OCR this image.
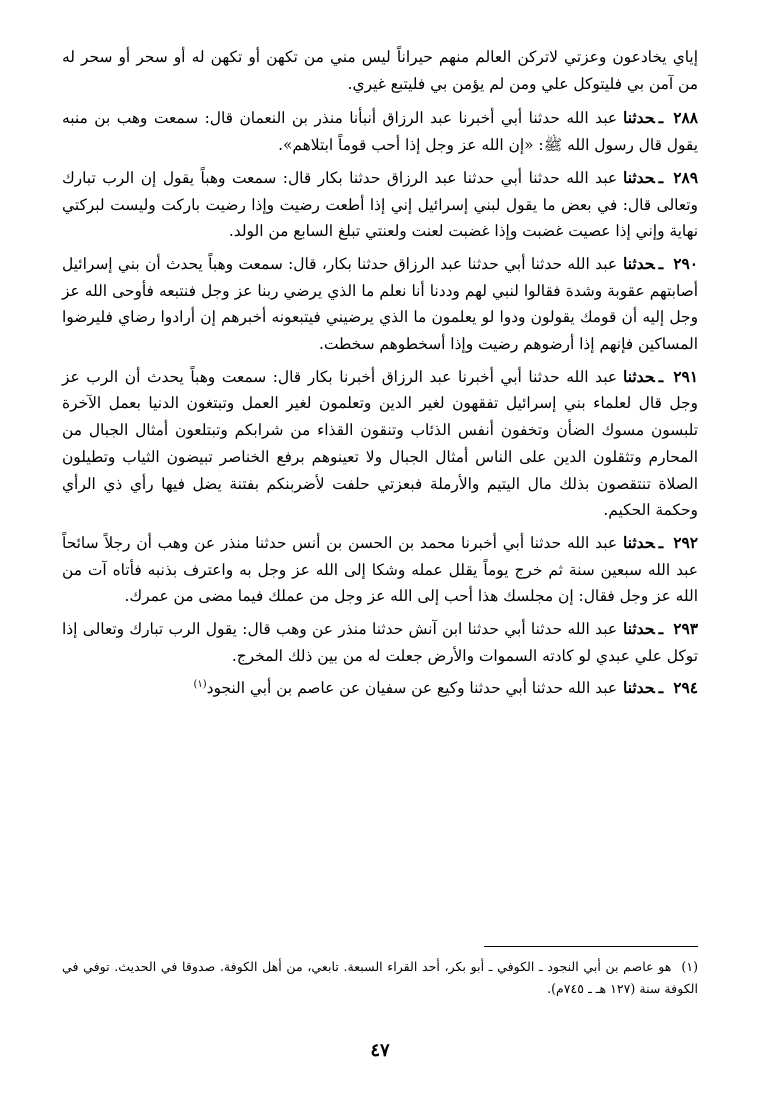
إياي يخادعون وعزتي لاتركن العالم منهم حيراناً ليس مني من تكهن أو تكهن له أو سحر أو سحر له من آمن بي فليتوكل علي ومن لم يؤمن بي فليتبع غيري.

٢٨٨ـحدثناعبد الله حدثنا أبي أخبرنا عبد الرزاق أنبأنا منذر بن النعمان قال: سمعت وهب بن منبه يقول قال رسول الله ﷺ: «إن الله عز وجل إذا أحب قوماً ابتلاهم».

٢٨٩ـحدثناعبد الله حدثنا أبي حدثنا عبد الرزاق حدثنا بكار قال: سمعت وهباً يقول إن الرب تبارك وتعالى قال: في بعض ما يقول لبني إسرائيل إني إذا أطعت رضيت وإذا رضيت باركت وليست لبركتي نهاية وإني إذا عصيت غضبت وإذا غضبت لعنت ولعنتي تبلغ السابع من الولد.

٢٩٠ـحدثناعبد الله حدثنا أبي حدثنا عبد الرزاق حدثنا بكار، قال: سمعت وهباً يحدث أن بني إسرائيل أصابتهم عقوبة وشدة فقالوا لنبي لهم وددنا أنا نعلم ما الذي يرضي ربنا عز وجل فنتبعه فأوحى الله عز وجل إليه أن قومك يقولون ودوا لو يعلمون ما الذي يرضيني فيتبعونه أخبرهم إن أرادوا رضاي فليرضوا المساكين فإنهم إذا أرضوهم رضيت وإذا أسخطوهم سخطت.

٢٩١ـحدثناعبد الله حدثنا أبي أخبرنا عبد الرزاق أخبرنا بكار قال: سمعت وهباً يحدث أن الرب عز وجل قال لعلماء بني إسرائيل تفقهون لغير الدين وتعلمون لغير العمل وتبتغون الدنيا بعمل الآخرة تلبسون مسوك الضأن وتخفون أنفس الذئاب وتنقون القذاء من شرابكم وتبتلعون أمثال الجبال من المحارم وتثقلون الدين على الناس أمثال الجبال ولا تعينوهم برفع الخناصر تبيضون الثياب وتطيلون الصلاة تنتقصون بذلك مال اليتيم والأرملة فبعزتي حلفت لأضربنكم بفتنة يضل فيها رأي ذي الرأي وحكمة الحكيم.

٢٩٢ـحدثناعبد الله حدثنا أبي أخبرنا محمد بن الحسن بن أنس حدثنا منذر عن وهب أن رجلاً سائحاً عبد الله سبعين سنة ثم خرج يوماً يقلل عمله وشكا إلى الله عز وجل به واعترف بذنبه فأتاه آت من الله عز وجل فقال: إن مجلسك هذا أحب إلى الله عز وجل من عملك فيما مضى من عمرك.

٢٩٣ـحدثناعبد الله حدثنا أبي حدثنا ابن آنش حدثنا منذر عن وهب قال: يقول الرب تبارك وتعالى إذا توكل علي عبدي لو كادته السموات والأرض جعلت له من بين ذلك المخرج.

٢٩٤ـحدثناعبد الله حدثنا أبي حدثنا وكيع عن سفيان عن عاصم بن أبي النجود$^{(١)}$

(١)هو عاصم بن أبي النجود ـ الكوفي ـ أبو بكر، أحد القراء السبعة. تابعي، من أهل الكوفة. صدوقا في الحديث. توفي في الكوفة سنة (١٢٧ هـ ـ ٧٤٥م).
٤٧
